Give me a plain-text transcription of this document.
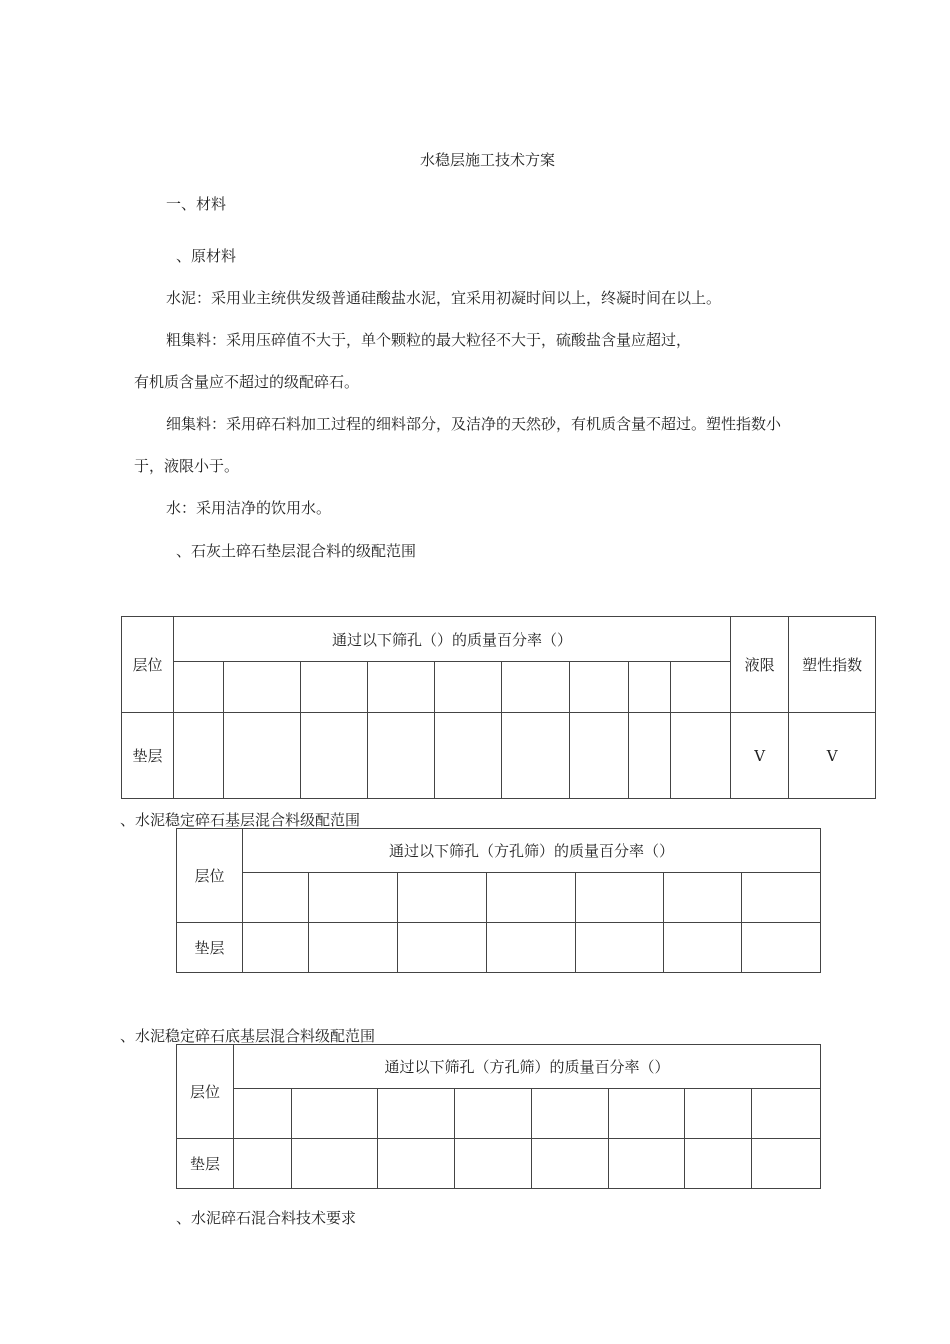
水稳层施工技术方案
一、材料
、原材料
水泥：采用业主统供发级普通硅酸盐水泥，宜采用初凝时间以上，终凝时间在以上。
粗集料：采用压碎值不大于，单个颗粒的最大粒径不大于，硫酸盐含量应超过，
有机质含量应不超过的级配碎石。
细集料：采用碎石料加工过程的细料部分，及洁净的天然砂，有机质含量不超过。塑性指数小
于，液限小于。
水：采用洁净的饮用水。
、石灰土碎石垫层混合料的级配范围
层位	通过以下筛孔（）的质量百分率（）									液限	塑性指数

垫层										V	V
、水泥稳定碎石基层混合料级配范围
层位	通过以下筛孔（方孔筛）的质量百分率（）						

垫层							
、水泥稳定碎石底基层混合料级配范围
层位	通过以下筛孔（方孔筛）的质量百分率（）							

垫层								
、水泥碎石混合料技术要求
